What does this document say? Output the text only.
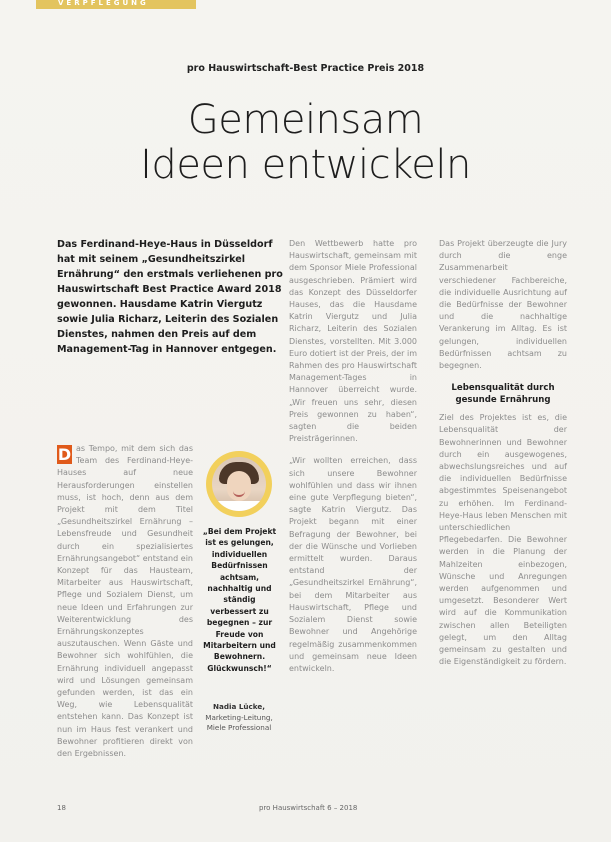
VERPFLEGUNG
pro Hauswirtschaft-Best Practice Preis 2018
Gemeinsam
Ideen entwickeln
Das Ferdinand-Heye-Haus in Düsseldorf hat mit seinem „Gesundheitszirkel Ernährung“ den erstmals verliehenen pro Hauswirtschaft Best Practice Award 2018 gewonnen. Hausdame Katrin Viergutz sowie Julia Richarz, Leiterin des Sozialen Dienstes, nahmen den Preis auf dem Management-Tag in Hannover entgegen.
D as Tempo, mit dem sich das Team des Ferdinand-Heye-Hauses auf neue Herausforderungen einstellen muss, ist hoch, denn aus dem Projekt mit dem Titel „Gesundheitszirkel Ernährung – Lebensfreude und Gesundheit durch ein spezialisiertes Ernährungsangebot“ entstand ein Konzept für das Hausteam, Mitarbeiter aus Hauswirtschaft, Pflege und Sozialem Dienst, um neue Ideen und Erfahrungen zur Weiterentwicklung des Ernährungskonzeptes auszutauschen. Wenn Gäste und Bewohner sich wohlfühlen, die Ernährung individuell angepasst wird und Lösungen gemeinsam gefunden werden, ist das ein Weg, wie Lebensqualität entstehen kann. Das Konzept ist nun im Haus fest verankert und Bewohner profitieren direkt von den Ergebnissen.
„Bei dem Projekt ist es gelungen, individuellen Bedürfnissen achtsam, nachhaltig und ständig verbessert zu begegnen – zur Freude von Mitarbeitern und Bewohnern. Glückwunsch!“
Nadia Lücke,
Marketing-Leitung, Miele Professional

Den Wettbewerb hatte pro Hauswirtschaft, gemeinsam mit dem Sponsor Miele Professional ausgeschrieben. Prämiert wird das Konzept des Düsseldorfer Hauses, das die Hausdame Katrin Viergutz und Julia Richarz, Leiterin des Sozialen Dienstes, vorstellten. Mit 3.000 Euro dotiert ist der Preis, der im Rahmen des pro Hauswirtschaft Management-Tages in Hannover überreicht wurde. „Wir freuen uns sehr, diesen Preis gewonnen zu haben“, sagten die beiden Preisträgerinnen.

„Wir wollten erreichen, dass sich unsere Bewohner wohlfühlen und dass wir ihnen eine gute Verpflegung bieten“, sagte Katrin Viergutz. Das Projekt begann mit einer Befragung der Bewohner, bei der die Wünsche und Vorlieben ermittelt wurden. Daraus entstand der „Gesundheitszirkel Ernährung“, bei dem Mitarbeiter aus Hauswirtschaft, Pflege und Sozialem Dienst sowie Bewohner und Angehörige regelmäßig zusammenkommen und gemeinsam neue Ideen entwickeln.

Das Projekt überzeugte die Jury durch die enge Zusammenarbeit verschiedener Fachbereiche, die individuelle Ausrichtung auf die Bedürfnisse der Bewohner und die nachhaltige Verankerung im Alltag. Es ist gelungen, individuellen Bedürfnissen achtsam zu begegnen.

Lebensqualität durch gesunde Ernährung

Ziel des Projektes ist es, die Lebensqualität der Bewohnerinnen und Bewohner durch ein ausgewogenes, abwechslungsreiches und auf die individuellen Bedürfnisse abgestimmtes Speisenangebot zu erhöhen. Im Ferdinand-Heye-Haus leben Menschen mit unterschiedlichen Pflegebedarfen. Die Bewohner werden in die Planung der Mahlzeiten einbezogen, Wünsche und Anregungen werden aufgenommen und umgesetzt. Besonderer Wert wird auf die Kommunikation zwischen allen Beteiligten gelegt, um den Alltag gemeinsam zu gestalten und die Eigenständigkeit zu fördern.

18	pro Hauswirtschaft 6 – 2018
